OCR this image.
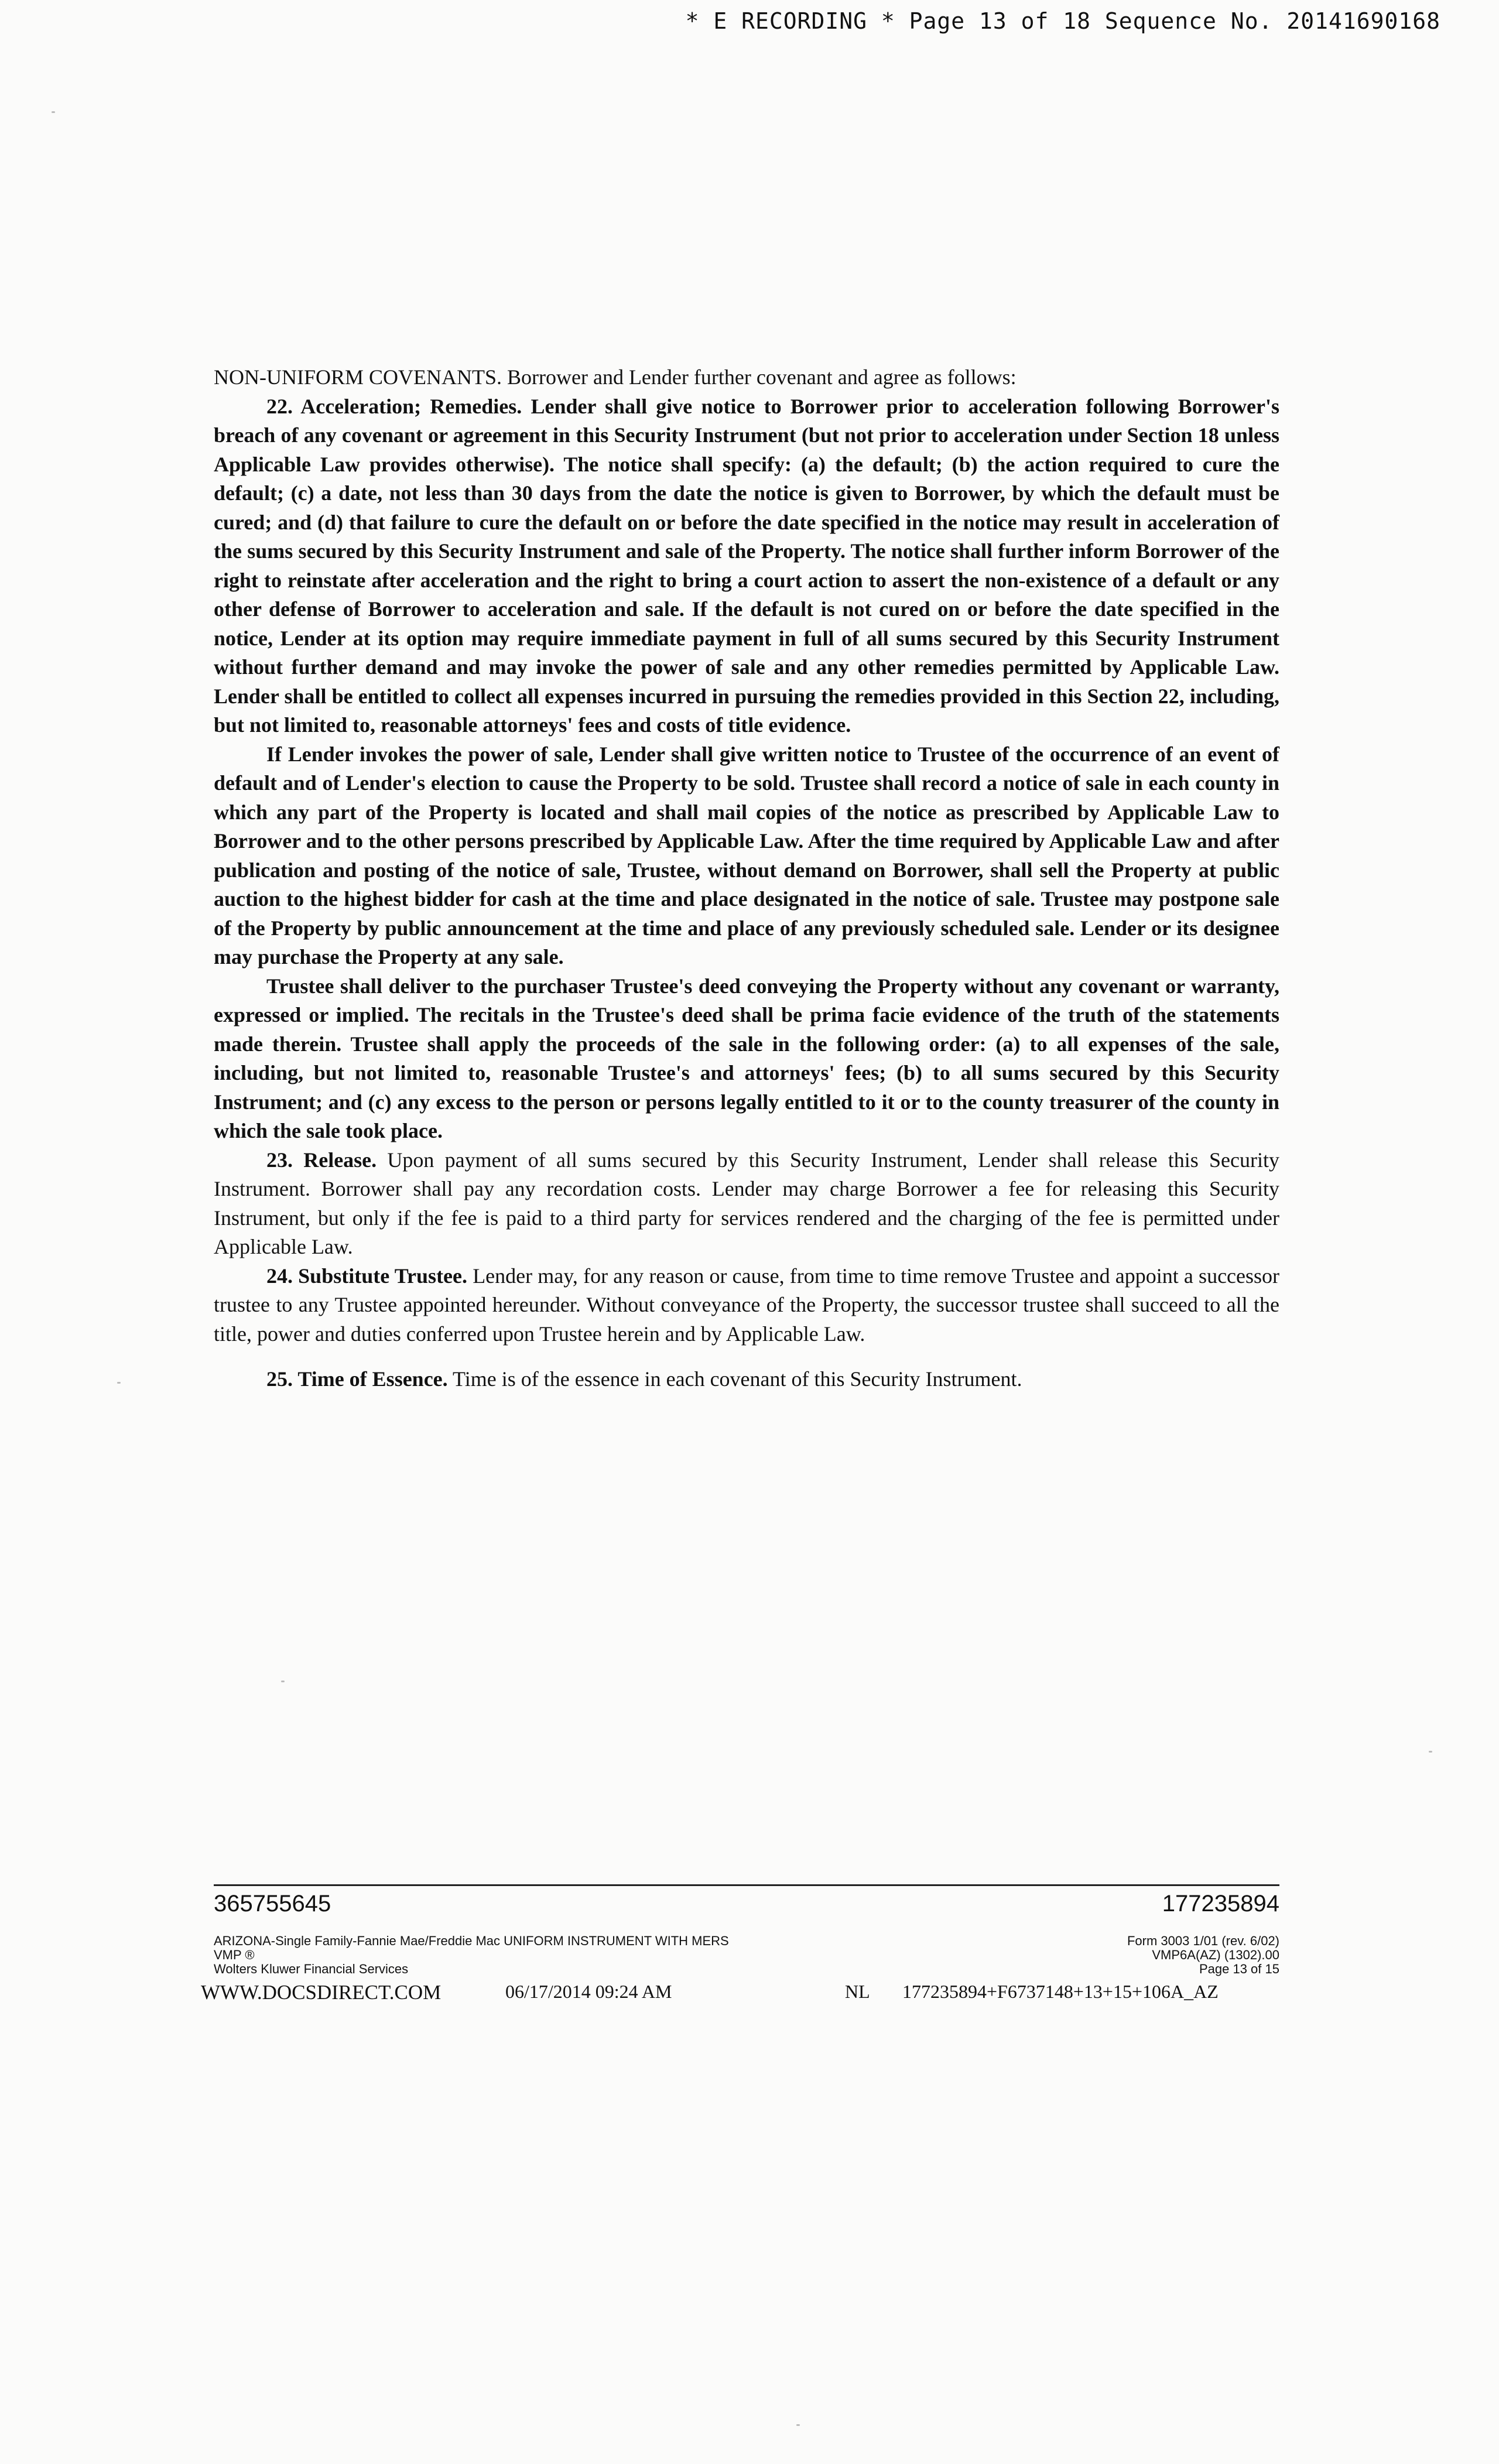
* E RECORDING * Page 13 of 18 Sequence No. 20141690168

NON-UNIFORM COVENANTS. Borrower and Lender further covenant and agree as follows:

22. Acceleration; Remedies. Lender shall give notice to Borrower prior to acceleration following Borrower's breach of any covenant or agreement in this Security Instrument (but not prior to acceleration under Section 18 unless Applicable Law provides otherwise). The notice shall specify: (a) the default; (b) the action required to cure the default; (c) a date, not less than 30 days from the date the notice is given to Borrower, by which the default must be cured; and (d) that failure to cure the default on or before the date specified in the notice may result in acceleration of the sums secured by this Security Instrument and sale of the Property. The notice shall further inform Borrower of the right to reinstate after acceleration and the right to bring a court action to assert the non-existence of a default or any other defense of Borrower to acceleration and sale. If the default is not cured on or before the date specified in the notice, Lender at its option may require immediate payment in full of all sums secured by this Security Instrument without further demand and may invoke the power of sale and any other remedies permitted by Applicable Law. Lender shall be entitled to collect all expenses incurred in pursuing the remedies provided in this Section 22, including, but not limited to, reasonable attorneys' fees and costs of title evidence.

If Lender invokes the power of sale, Lender shall give written notice to Trustee of the occurrence of an event of default and of Lender's election to cause the Property to be sold. Trustee shall record a notice of sale in each county in which any part of the Property is located and shall mail copies of the notice as prescribed by Applicable Law to Borrower and to the other persons prescribed by Applicable Law. After the time required by Applicable Law and after publication and posting of the notice of sale, Trustee, without demand on Borrower, shall sell the Property at public auction to the highest bidder for cash at the time and place designated in the notice of sale. Trustee may postpone sale of the Property by public announcement at the time and place of any previously scheduled sale. Lender or its designee may purchase the Property at any sale.

Trustee shall deliver to the purchaser Trustee's deed conveying the Property without any covenant or warranty, expressed or implied. The recitals in the Trustee's deed shall be prima facie evidence of the truth of the statements made therein. Trustee shall apply the proceeds of the sale in the following order: (a) to all expenses of the sale, including, but not limited to, reasonable Trustee's and attorneys' fees; (b) to all sums secured by this Security Instrument; and (c) any excess to the person or persons legally entitled to it or to the county treasurer of the county in which the sale took place.

23. Release. Upon payment of all sums secured by this Security Instrument, Lender shall release this Security Instrument. Borrower shall pay any recordation costs. Lender may charge Borrower a fee for releasing this Security Instrument, but only if the fee is paid to a third party for services rendered and the charging of the fee is permitted under Applicable Law.

24. Substitute Trustee. Lender may, for any reason or cause, from time to time remove Trustee and appoint a successor trustee to any Trustee appointed hereunder. Without conveyance of the Property, the successor trustee shall succeed to all the title, power and duties conferred upon Trustee herein and by Applicable Law.

25. Time of Essence. Time is of the essence in each covenant of this Security Instrument.

365755645	177235894
ARIZONA-Single Family-Fannie Mae/Freddie Mac UNIFORM INSTRUMENT WITH MERS
VMP ®
Wolters Kluwer Financial Services
Form 3003 1/01 (rev. 6/02)
VMP6A(AZ) (1302).00
Page 13 of 15
WWW.DOCSDIRECT.COM	06/17/2014 09:24 AM	NL 177235894+F6737148+13+15+106A_AZ
